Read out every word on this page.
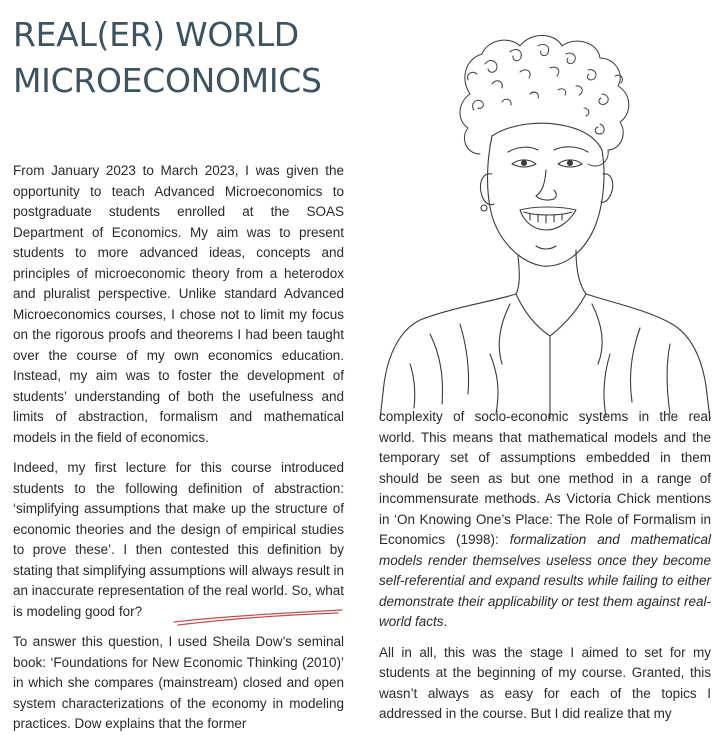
REAL(ER) WORLD
MICROECONOMICS

From January 2023 to March 2023, I was given the opportunity to teach Advanced Microeconomics to postgraduate students enrolled at the SOAS Department of Economics. My aim was to present students to more advanced ideas, concepts and principles of microeconomic theory from a heterodox and pluralist perspective. Unlike standard Advanced Microeconomics courses, I chose not to limit my focus on the rigorous proofs and theorems I had been taught over the course of my own economics education. Instead, my aim was to foster the development of students’ understanding of both the usefulness and limits of abstraction, formalism and mathematical models in the field of economics.

Indeed, my first lecture for this course introduced students to the following definition of abstraction: ‘simplifying assumptions that make up the structure of economic theories and the design of empirical studies to prove these’. I then contested this definition by stating that simplifying assumptions will always result in an inaccurate representation of the real world. So, what is modeling good for?

To answer this question, I used Sheila Dow’s seminal book: ‘Foundations for New Economic Thinking (2010)’ in which she compares (mainstream) closed and open system characterizations of the economy in modeling practices. Dow explains that the former

complexity of socio-economic systems in the real world. This means that mathematical models and the temporary set of assumptions embedded in them should be seen as but one method in a range of incommensurate methods. As Victoria Chick mentions in ‘On Knowing One’s Place: The Role of Formalism in Economics (1998): formalization and mathematical models render themselves useless once they become self-referential and expand results while failing to either demonstrate their applicability or test them against real-world facts.

All in all, this was the stage I aimed to set for my students at the beginning of my course. Granted, this wasn’t always as easy for each of the topics I addressed in the course. But I did realize that my
